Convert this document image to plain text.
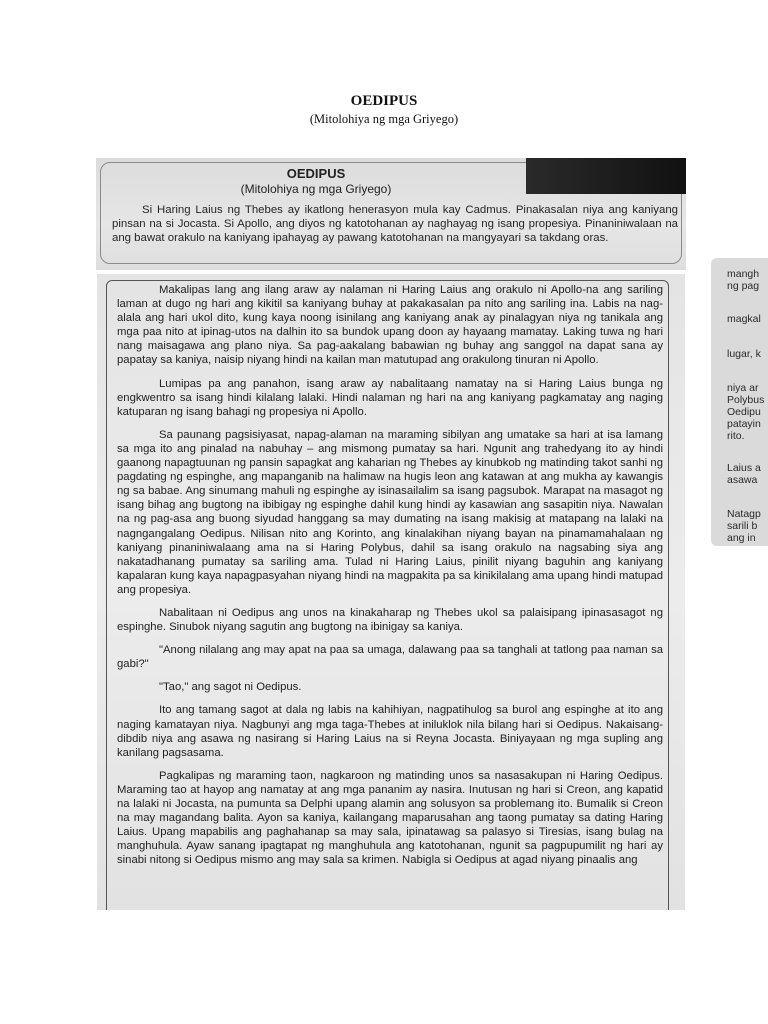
OEDIPUS
(Mitolohiya ng mga Griyego)
OEDIPUS
(Mitolohiya ng mga Griyego)
Si Haring Laius ng Thebes ay ikatlong henerasyon mula kay Cadmus. Pinakasalan niya ang kaniyang pinsan na si Jocasta. Si Apollo, ang diyos ng katotohanan ay naghayag ng isang propesiya. Pinaniniwalaan na ang bawat orakulo na kaniyang ipahayag ay pawang katotohanan na mangyayari sa takdang oras.

Makalipas lang ang ilang araw ay nalaman ni Haring Laius ang orakulo ni Apollo-na ang sariling laman at dugo ng hari ang kikitil sa kaniyang buhay at pakakasalan pa nito ang sariling ina. Labis na nag-alala ang hari ukol dito, kung kaya noong isinilang ang kaniyang anak ay pinalagyan niya ng tanikala ang mga paa nito at ipinag-utos na dalhin ito sa bundok upang doon ay hayaang mamatay. Laking tuwa ng hari nang maisagawa ang plano niya. Sa pag-aakalang babawian ng buhay ang sanggol na dapat sana ay papatay sa kaniya, naisip niyang hindi na kailan man matutupad ang orakulong tinuran ni Apollo.

Lumipas pa ang panahon, isang araw ay nabalitaang namatay na si Haring Laius bunga ng engkwentro sa isang hindi kilalang lalaki. Hindi nalaman ng hari na ang kaniyang pagkamatay ang naging katuparan ng isang bahagi ng propesiya ni Apollo.

Sa paunang pagsisiyasat, napag-alaman na maraming sibilyan ang umatake sa hari at isa lamang sa mga ito ang pinalad na nabuhay – ang mismong pumatay sa hari. Ngunit ang trahedyang ito ay hindi gaanong napagtuunan ng pansin sapagkat ang kaharian ng Thebes ay kinubkob ng matinding takot sanhi ng pagdating ng espinghe, ang mapanganib na halimaw na hugis leon ang katawan at ang mukha ay kawangis ng sa babae. Ang sinumang mahuli ng espinghe ay isinasailalim sa isang pagsubok. Marapat na masagot ng isang bihag ang bugtong na ibibigay ng espinghe dahil kung hindi ay kasawian ang sasapitin niya. Nawalan na ng pag-asa ang buong siyudad hanggang sa may dumating na isang makisig at matapang na lalaki na nagngangalang Oedipus. Nilisan nito ang Korinto, ang kinalakihan niyang bayan na pinamamahalaan ng kaniyang pinaniniwalaang ama na si Haring Polybus, dahil sa isang orakulo na nagsabing siya ang nakatadhanang pumatay sa sariling ama. Tulad ni Haring Laius, pinilit niyang baguhin ang kaniyang kapalaran kung kaya napagpasyahan niyang hindi na magpakita pa sa kinikilalang ama upang hindi matupad ang propesiya.

Nabalitaan ni Oedipus ang unos na kinakaharap ng Thebes ukol sa palaisipang ipinasasagot ng espinghe. Sinubok niyang sagutin ang bugtong na ibinigay sa kaniya.

"Anong nilalang ang may apat na paa sa umaga, dalawang paa sa tanghali at tatlong paa naman sa gabi?"

"Tao," ang sagot ni Oedipus.

Ito ang tamang sagot at dala ng labis na kahihiyan, nagpatihulog sa burol ang espinghe at ito ang naging kamatayan niya. Nagbunyi ang mga taga-Thebes at iniluklok nila bilang hari si Oedipus. Nakaisang-dibdib niya ang asawa ng nasirang si Haring Laius na si Reyna Jocasta. Biniyayaan ng mga supling ang kanilang pagsasama.

Pagkalipas ng maraming taon, nagkaroon ng matinding unos sa nasasakupan ni Haring Oedipus. Maraming tao at hayop ang namatay at ang mga pananim ay nasira. Inutusan ng hari si Creon, ang kapatid na lalaki ni Jocasta, na pumunta sa Delphi upang alamin ang solusyon sa problemang ito. Bumalik si Creon na may magandang balita. Ayon sa kaniya, kailangang maparusahan ang taong pumatay sa dating Haring Laius. Upang mapabilis ang paghahanap sa may sala, ipinatawag sa palasyo si Tiresias, isang bulag na manghuhula. Ayaw sanang ipagtapat ng manghuhula ang katotohanan, ngunit sa pagpupumilit ng hari ay sinabi nitong si Oedipus mismo ang may sala sa krimen. Nabigla si Oedipus at agad niyang pinaalis ang

mangh
ng pag
magkal
lugar, k
niya ar
Polybus
Oedipu
patayin
rito.
Laius a
asawa
Natagp
sarili b
ang in
